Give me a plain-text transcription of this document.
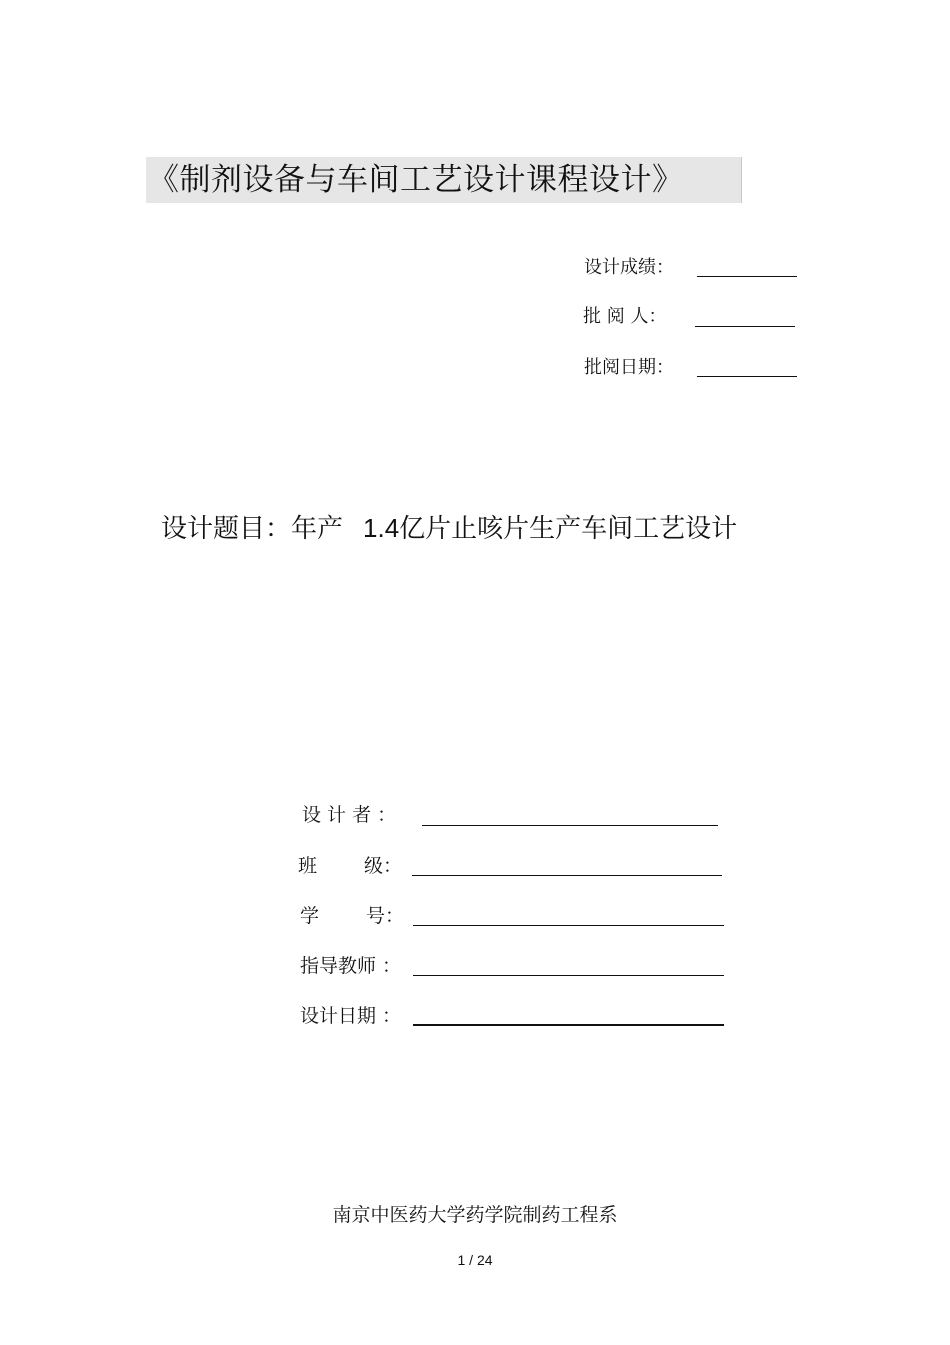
《制剂设备与车间工艺设计课程设计》
设计成绩：
批 阅 人：
批阅日期：
设计题目：年产 1.4亿片止咳片生产车间工艺设计
设 计 者 ：
班 级：
学 号：
指导教师 ：
设计日期 ：
南京中医药大学药学院制药工程系
1 / 24
